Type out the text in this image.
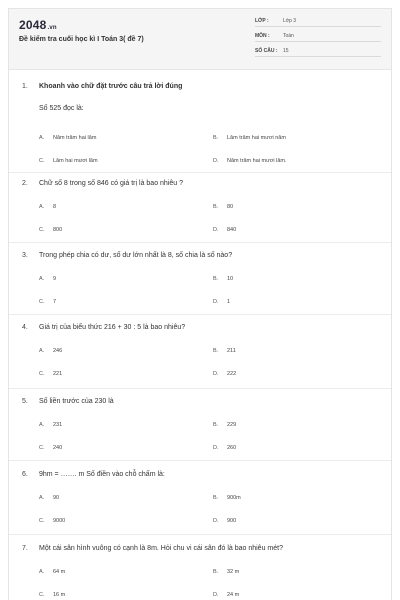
2048.vn
Đề kiểm tra cuối học kì I Toán 3( đề 7)
LỚP :	Lớp 3
MÔN :	Toán
SỐ CÂU : 15
1. Khoanh vào chữ đặt trước câu trả lời đúng
Số 525 đọc là:
A. Năm trăm hai lăm	B. Lăm trăm hai mươi năm
C. Lăm hai mươi lăm	D. Năm trăm hai mươi lăm.
2. Chữ số 8 trong số 846 có giá trị là bao nhiêu ?
A. 8	B. 80
C. 800	D. 840
3. Trong phép chia có dư, số dư lớn nhất là 8, số chia là số nào?
A. 9	B. 10
C. 7	D. 1
4. Giá trị của biểu thức 216 + 30 : 5 là bao nhiêu?
A. 246	B. 211
C. 221	D. 222
5. Số liền trước của 230 là
A. 231	B. 229
C. 240	D. 260
6. 9hm = ……. m Số điền vào chỗ chấm là:
A. 90	B. 900m
C. 9000	D. 900
7. Một cái sân hình vuông có cạnh là 8m. Hỏi chu vi cái sân đó là bao nhiêu mét?
A. 64 m	B. 32 m
C. 16 m	D. 24 m
